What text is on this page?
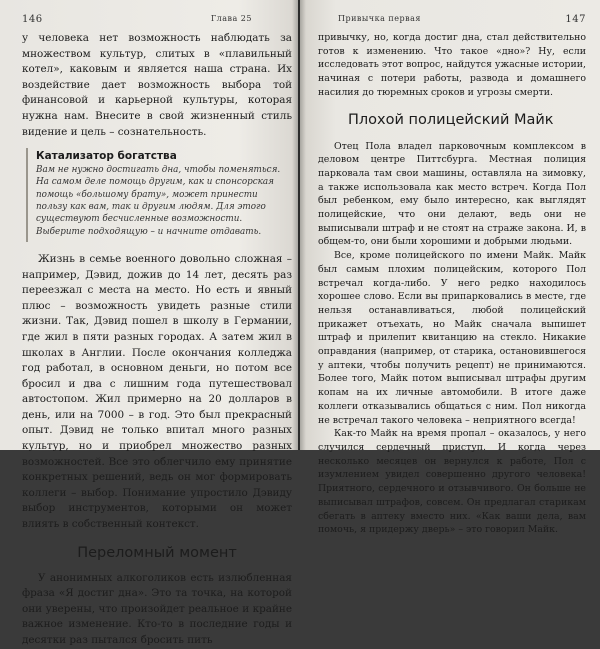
146	Глава 25

у человека нет возможность наблюдать за множеством культур, слитых в «плавильный котел», каковым и является наша страна. Их воздействие дает возможность выбора той финансовой и карьерной культуры, которая нужна нам. Внесите в свой жизненный стиль видение и цель – сознательность.

Катализатор богатства

Вам не нужно достигать дна, чтобы поменяться. На самом деле помощь другим, как и спонсорская помощь «большому брату», может принести пользу как вам, так и другим людям. Для этого существуют бесчисленные возможности. Выберите подходящую – и начните отдавать.

Жизнь в семье военного довольно сложная – например, Дэвид, дожив до 14 лет, десять раз переезжал с места на место. Но есть и явный плюс – возможность увидеть разные стили жизни. Так, Дэвид пошел в школу в Германии, где жил в пяти разных городах. А затем жил в школах в Англии. После окончания колледжа год работал, в основном деньги, но потом все бросил и два с лишним года путешествовал автостопом. Жил примерно на 20 долларов в день, или на 7000 – в год. Это был прекрасный опыт. Дэвид не только впитал много разных культур, но и приобрел множество разных возможностей. Все это облегчило ему принятие конкретных решений, ведь он мог формировать коллеги – выбор. Понимание упростило Дэвиду выбор инструментов, которыми он может влиять в собственный контекст.

Переломный момент

У анонимных алкоголиков есть излюбленная фраза «Я достиг дна». Это та точка, на которой они уверены, что произойдет реальное и крайне важное изменение. Кто-то в последние годы и десятки раз пытался бросить пить

Привычка первая	147

привычку, но, когда достиг дна, стал действительно готов к изменению. Что такое «дно»? Ну, если исследовать этот вопрос, найдутся ужасные истории, начиная с потери работы, развода и домашнего насилия до тюремных сроков и угрозы смерти.

Плохой полицейский Майк

Отец Пола владел парковочным комплексом в деловом центре Питтсбурга. Местная полиция парковала там свои машины, оставляла на зимовку, а также использовала как место встреч. Когда Пол был ребенком, ему было интересно, как выглядят полицейские, что они делают, ведь они не выписывали штраф и не стоят на страже закона. И, в общем-то, они были хорошими и добрыми людьми.

Все, кроме полицейского по имени Майк. Майк был самым плохим полицейским, которого Пол встречал когда-либо. У него редко находилось хорошее слово. Если вы припарковались в месте, где нельзя останавливаться, любой полицейский прикажет отъехать, но Майк сначала выпишет штраф и прилепит квитанцию на стекло. Никакие оправдания (например, от старика, остановившегося у аптеки, чтобы получить рецепт) не принимаются. Более того, Майк потом выписывал штрафы другим копам на их личные автомобили. В итоге даже коллеги отказывались общаться с ним. Пол никогда не встречал такого человека – неприятного всегда!

Как-то Майк на время пропал – оказалось, у него случился сердечный приступ. И когда через несколько месяцев он вернулся к работе, Пол с изумлением увидел совершенно другого человека! Приятного, сердечного и отзывчивого. Он больше не выписывал штрафов, совсем. Он предлагал старикам сбегать в аптеку вместо них. «Как ваши дела, вам помочь, я придержу дверь» – это говорил Майк.
